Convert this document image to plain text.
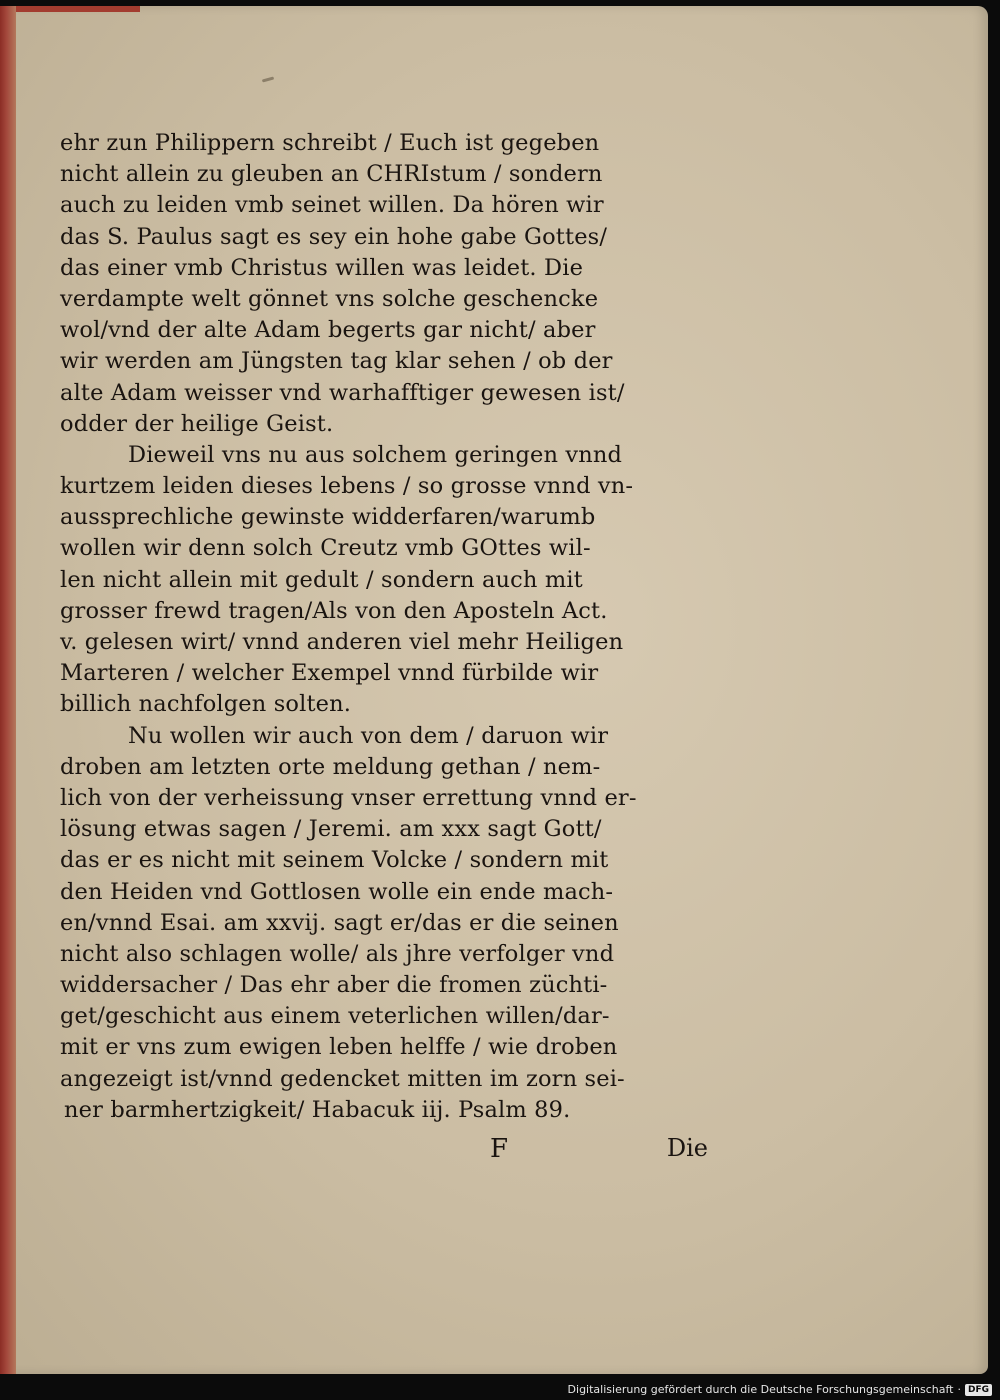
ehr zun Philippern schreibt / Euch ist gegeben
nicht allein zu gleuben an CHRIstum / sondern
auch zu leiden vmb seinet willen. Da hören wir
das S. Paulus sagt es sey ein hohe gabe Gottes/
das einer vmb Christus willen was leidet. Die
verdampte welt gönnet vns solche geschencke
wol/vnd der alte Adam begerts gar nicht/ aber
wir werden am Jüngsten tag klar sehen / ob der
alte Adam weisser vnd warhafftiger gewesen ist/
odder der heilige Geist.
Dieweil vns nu aus solchem geringen vnnd
kurtzem leiden dieses lebens / so grosse vnnd vn-
aussprechliche gewinste widderfaren/warumb
wollen wir denn solch Creutz vmb GOttes wil-
len nicht allein mit gedult / sondern auch mit
grosser frewd tragen/Als von den Aposteln Act.
v. gelesen wirt/ vnnd anderen viel mehr Heiligen
Marteren / welcher Exempel vnnd fürbilde wir
billich nachfolgen solten.
Nu wollen wir auch von dem / daruon wir
droben am letzten orte meldung gethan / nem-
lich von der verheissung vnser errettung vnnd er-
lösung etwas sagen / Jeremi. am xxx sagt Gott/
das er es nicht mit seinem Volcke / sondern mit
den Heiden vnd Gottlosen wolle ein ende mach-
en/vnnd Esai. am xxvij. sagt er/das er die seinen
nicht also schlagen wolle/ als jhre verfolger vnd
widdersacher / Das ehr aber die fromen züchti-
get/geschicht aus einem veterlichen willen/dar-
mit er vns zum ewigen leben helffe / wie droben
angezeigt ist/vnnd gedencket mitten im zorn sei-
ner barmhertzigkeit/ Habacuk iij. Psalm 89.
F	Die
Digitalisierung gefördert durch die Deutsche Forschungsgemeinschaft · DFG
